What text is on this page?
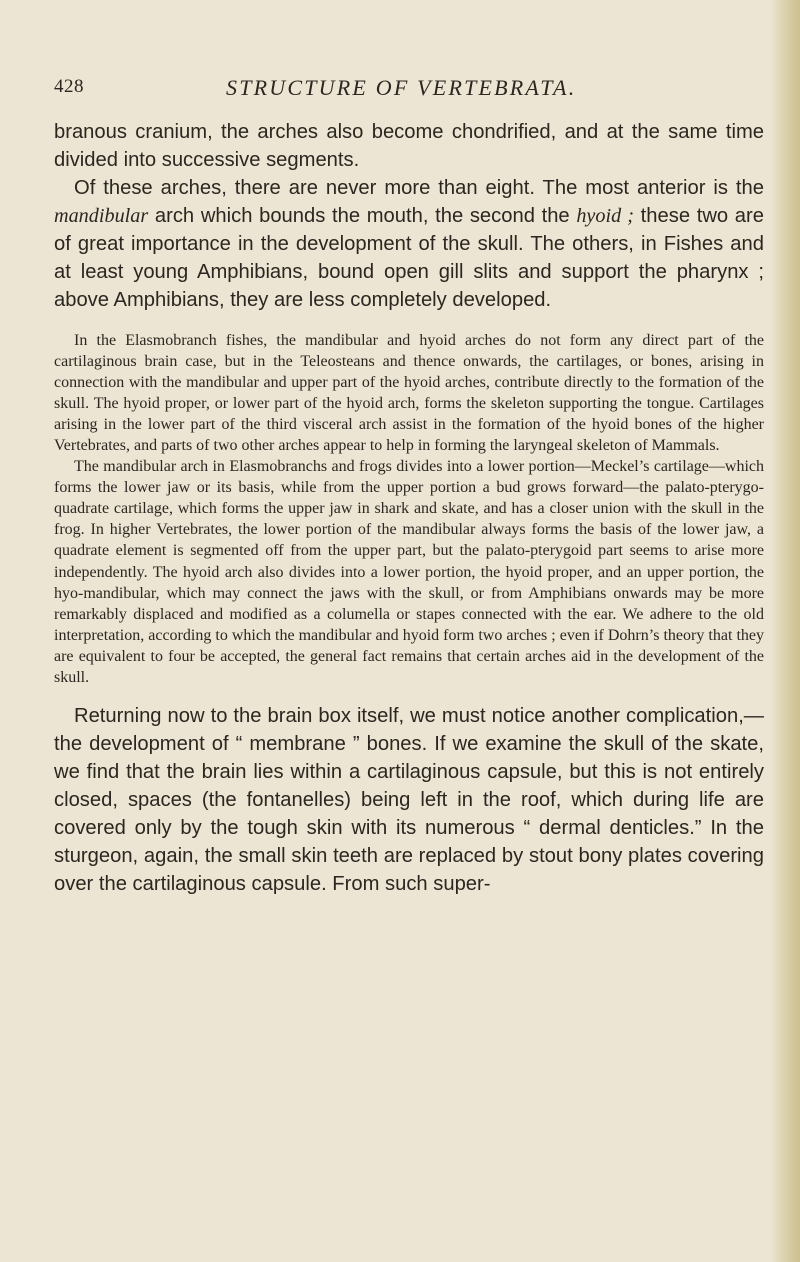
428	STRUCTURE OF VERTEBRATA.

branous cranium, the arches also become chondrified, and at the same time divided into successive segments.

Of these arches, there are never more than eight. The most anterior is the mandibular arch which bounds the mouth, the second the hyoid ; these two are of great importance in the development of the skull. The others, in Fishes and at least young Amphibians, bound open gill slits and support the pharynx ; above Amphibians, they are less completely developed.

In the Elasmobranch fishes, the mandibular and hyoid arches do not form any direct part of the cartilaginous brain case, but in the Teleosteans and thence onwards, the cartilages, or bones, arising in connection with the mandibular and upper part of the hyoid arches, contribute directly to the formation of the skull. The hyoid proper, or lower part of the hyoid arch, forms the skeleton supporting the tongue. Cartilages arising in the lower part of the third visceral arch assist in the formation of the hyoid bones of the higher Vertebrates, and parts of two other arches appear to help in forming the laryngeal skeleton of Mammals.

The mandibular arch in Elasmobranchs and frogs divides into a lower portion—Meckel’s cartilage—which forms the lower jaw or its basis, while from the upper portion a bud grows forward—the palato-pterygoquadrate cartilage, which forms the upper jaw in shark and skate, and has a closer union with the skull in the frog. In higher Vertebrates, the lower portion of the mandibular always forms the basis of the lower jaw, a quadrate element is segmented off from the upper part, but the palato-pterygoid part seems to arise more independently. The hyoid arch also divides into a lower portion, the hyoid proper, and an upper portion, the hyo-mandibular, which may connect the jaws with the skull, or from Amphibians onwards may be more remarkably displaced and modified as a columella or stapes connected with the ear. We adhere to the old interpretation, according to which the mandibular and hyoid form two arches ; even if Dohrn’s theory that they are equivalent to four be accepted, the general fact remains that certain arches aid in the development of the skull.

Returning now to the brain box itself, we must notice another complication,—the development of “ membrane ” bones. If we examine the skull of the skate, we find that the brain lies within a cartilaginous capsule, but this is not entirely closed, spaces (the fontanelles) being left in the roof, which during life are covered only by the tough skin with its numerous “ dermal denticles.” In the sturgeon, again, the small skin teeth are replaced by stout bony plates covering over the cartilaginous capsule. From such super-
